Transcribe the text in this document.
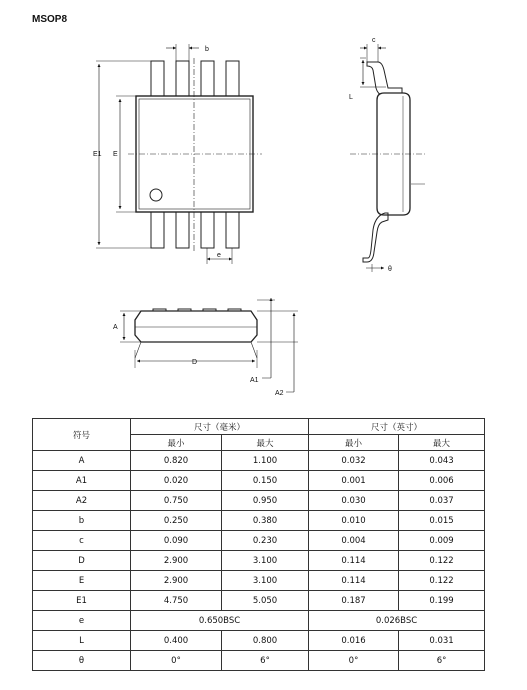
MSOP8
E1 E
b
e
c
L
θ
A
D
A1
A2
符号	尺寸（毫米）		尺寸（英寸）	
	最小	最大	最小	最大
A	0.820	1.100	0.032	0.043
A1	0.020	0.150	0.001	0.006
A2	0.750	0.950	0.030	0.037
b	0.250	0.380	0.010	0.015
c	0.090	0.230	0.004	0.009
D	2.900	3.100	0.114	0.122
E	2.900	3.100	0.114	0.122
E1	4.750	5.050	0.187	0.199
e	0.650BSC		0.026BSC	
L	0.400	0.800	0.016	0.031
θ	0°	6°	0°	6°
